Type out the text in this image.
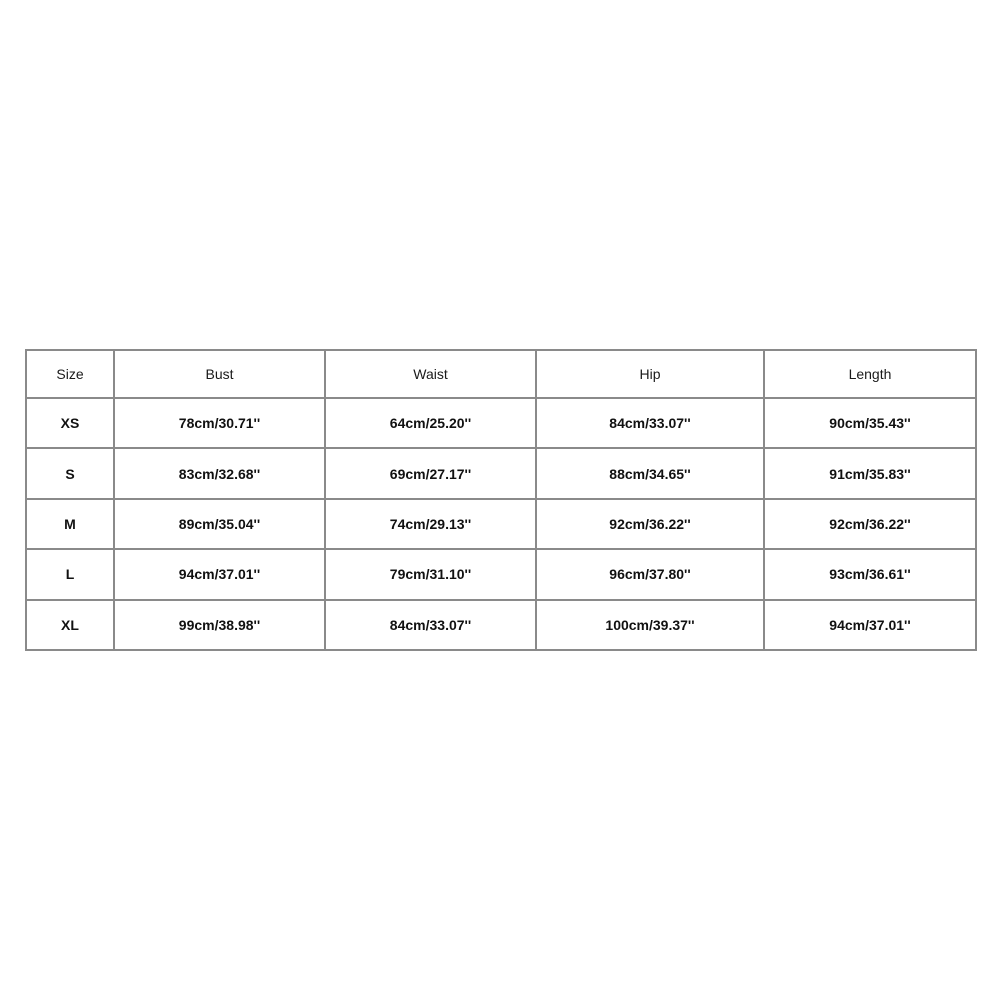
Size	Bust	Waist	Hip	Length
XS	78cm/30.71''	64cm/25.20''	84cm/33.07''	90cm/35.43''
S	83cm/32.68''	69cm/27.17''	88cm/34.65''	91cm/35.83''
M	89cm/35.04''	74cm/29.13''	92cm/36.22''	92cm/36.22''
L	94cm/37.01''	79cm/31.10''	96cm/37.80''	93cm/36.61''
XL	99cm/38.98''	84cm/33.07''	100cm/39.37''	94cm/37.01''
